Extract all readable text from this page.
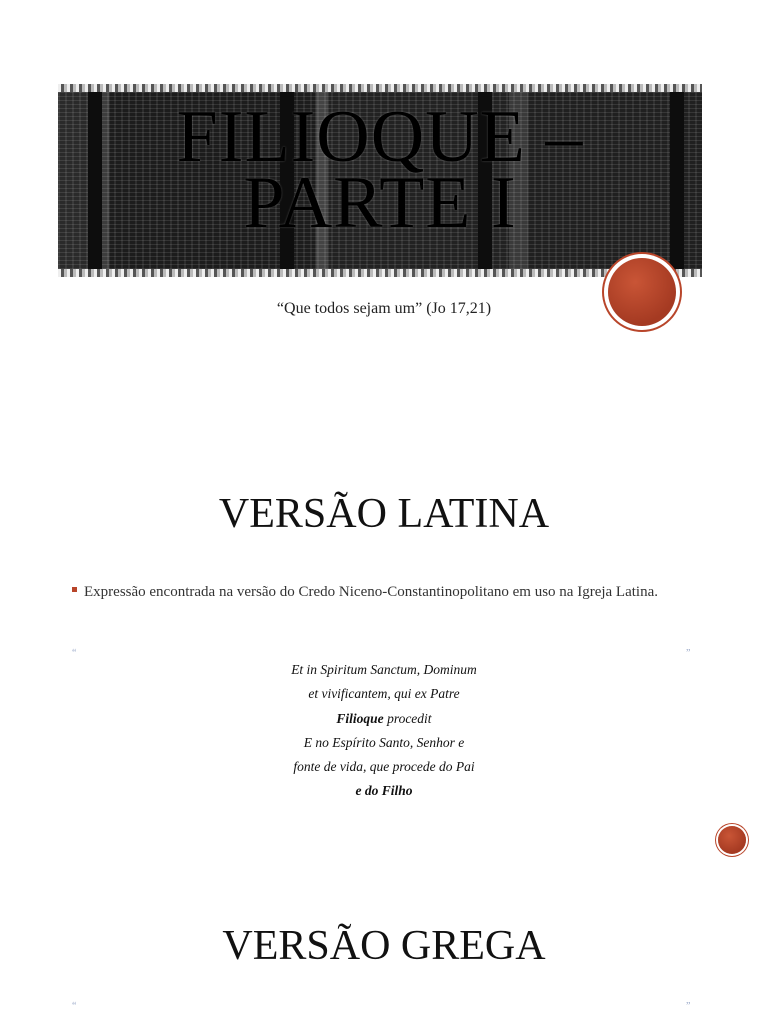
FILIOQUE –
PARTE I
“Que todos sejam um” (Jo 17,21)
VERSÃO LATINA
Expressão encontrada na versão do Credo Niceno-Constantinopolitano em uso na Igreja Latina.
“	”
Et in Spiritum Sanctum, Dominum
et vivificantem, qui ex Patre
Filioque procedit
E no Espírito Santo, Senhor e
fonte de vida, que procede do Pai
e do Filho
VERSÃO GREGA
“	”
